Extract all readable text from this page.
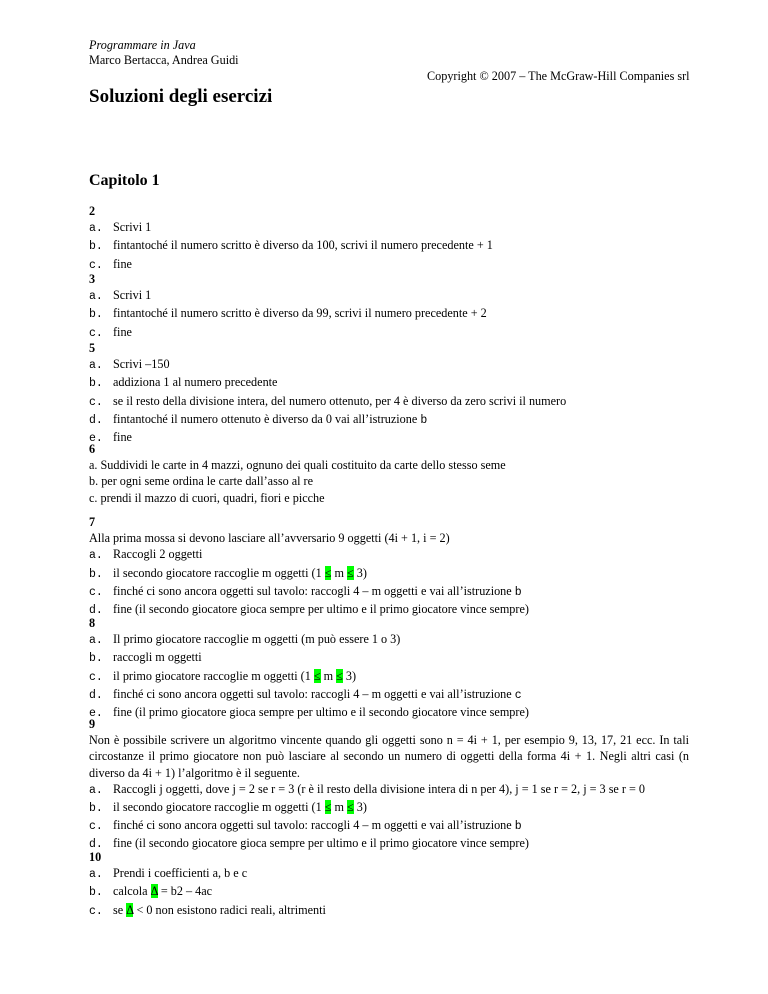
Programmare in Java
Marco Bertacca, Andrea Guidi
Copyright © 2007 – The McGraw-Hill Companies srl
Soluzioni degli esercizi
Capitolo 1
2
a. Scrivi 1
b. fintantoché il numero scritto è diverso da 100, scrivi il numero precedente + 1
c. fine
3
a. Scrivi 1
b. fintantoché il numero scritto è diverso da 99, scrivi il numero precedente + 2
c. fine
5
a. Scrivi –150
b. addiziona 1 al numero precedente
c. se il resto della divisione intera, del numero ottenuto, per 4 è diverso da zero scrivi il numero
d. fintantoché il numero ottenuto è diverso da 0 vai all’istruzione b
e. fine
6
a. Suddividi le carte in 4 mazzi, ognuno dei quali costituito da carte dello stesso seme
b. per ogni seme ordina le carte dall’asso al re
c. prendi il mazzo di cuori, quadri, fiori e picche
7
Alla prima mossa si devono lasciare all’avversario 9 oggetti (4i + 1, i = 2)
a. Raccogli 2 oggetti
b. il secondo giocatore raccoglie m oggetti (1 ≤ m ≤ 3)
c. finché ci sono ancora oggetti sul tavolo: raccogli 4 – m oggetti e vai all’istruzione b
d. fine (il secondo giocatore gioca sempre per ultimo e il primo giocatore vince sempre)
8
a. Il primo giocatore raccoglie m oggetti (m può essere 1 o 3)
b. raccogli m oggetti
c. il primo giocatore raccoglie m oggetti (1 ≤ m ≤ 3)
d. finché ci sono ancora oggetti sul tavolo: raccogli 4 – m oggetti e vai all’istruzione c
e. fine (il primo giocatore gioca sempre per ultimo e il secondo giocatore vince sempre)
9
Non è possibile scrivere un algoritmo vincente quando gli oggetti sono n = 4i + 1, per esempio 9, 13, 17, 21 ecc. In tali circostanze il primo giocatore non può lasciare al secondo un numero di oggetti della forma 4i + 1. Negli altri casi (n diverso da 4i + 1) l’algoritmo è il seguente.
a. Raccogli j oggetti, dove j = 2 se r = 3 (r è il resto della divisione intera di n per 4), j = 1 se r = 2, j = 3 se r = 0
b. il secondo giocatore raccoglie m oggetti (1 ≤ m ≤ 3)
c. finché ci sono ancora oggetti sul tavolo: raccogli 4 – m oggetti e vai all’istruzione b
d. fine (il secondo giocatore gioca sempre per ultimo e il primo giocatore vince sempre)
10
a. Prendi i coefficienti a, b e c
b. calcola Δ = b2 – 4ac
c. se Δ < 0 non esistono radici reali, altrimenti
